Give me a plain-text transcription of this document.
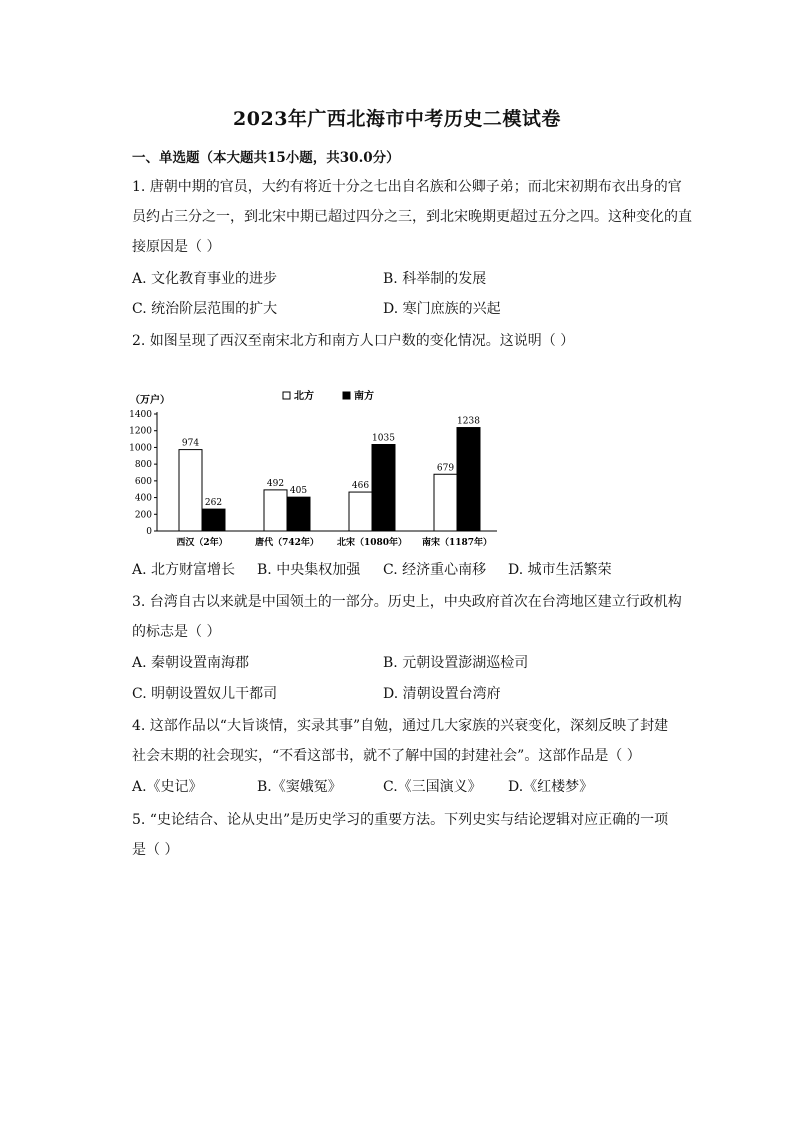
2023年广西北海市中考历史二模试卷
一、单选题（本大题共15小题，共30.0分）
1. 唐朝中期的官员，大约有将近十分之七出自名族和公卿子弟；而北宋初期布衣出身的官
员约占三分之一，到北宋中期已超过四分之三，到北宋晚期更超过五分之四。这种变化的直
接原因是（ ）
A. 文化教育事业的进步	B. 科举制的发展
C. 统治阶层范围的扩大	D. 寒门庶族的兴起
2. 如图呈现了西汉至南宋北方和南方人口户数的变化情况。这说明（ ）
（万户）
0
200
400
600
800
1000
1200
1400
北方	南方
974
262
西汉（2年）
492
405
唐代（742年）
466
1035
北宋（1080年）
679
1238
南宋（1187年）
A. 北方财富增长 B. 中央集权加强 C. 经济重心南移 D. 城市生活繁荣
3. 台湾自古以来就是中国领土的一部分。历史上，中央政府首次在台湾地区建立行政机构
的标志是（ ）
A. 秦朝设置南海郡	B. 元朝设置澎湖巡检司
C. 明朝设置奴儿干都司	D. 清朝设置台湾府
4. 这部作品以“大旨谈情，实录其事”自勉，通过几大家族的兴衰变化，深刻反映了封建
社会末期的社会现实，“不看这部书，就不了解中国的封建社会”。这部作品是（ ）
A.《史记》	B.《窦娥冤》	C.《三国演义》 D.《红楼梦》
5. “史论结合、论从史出”是历史学习的重要方法。下列史实与结论逻辑对应正确的一项
是（ ）
